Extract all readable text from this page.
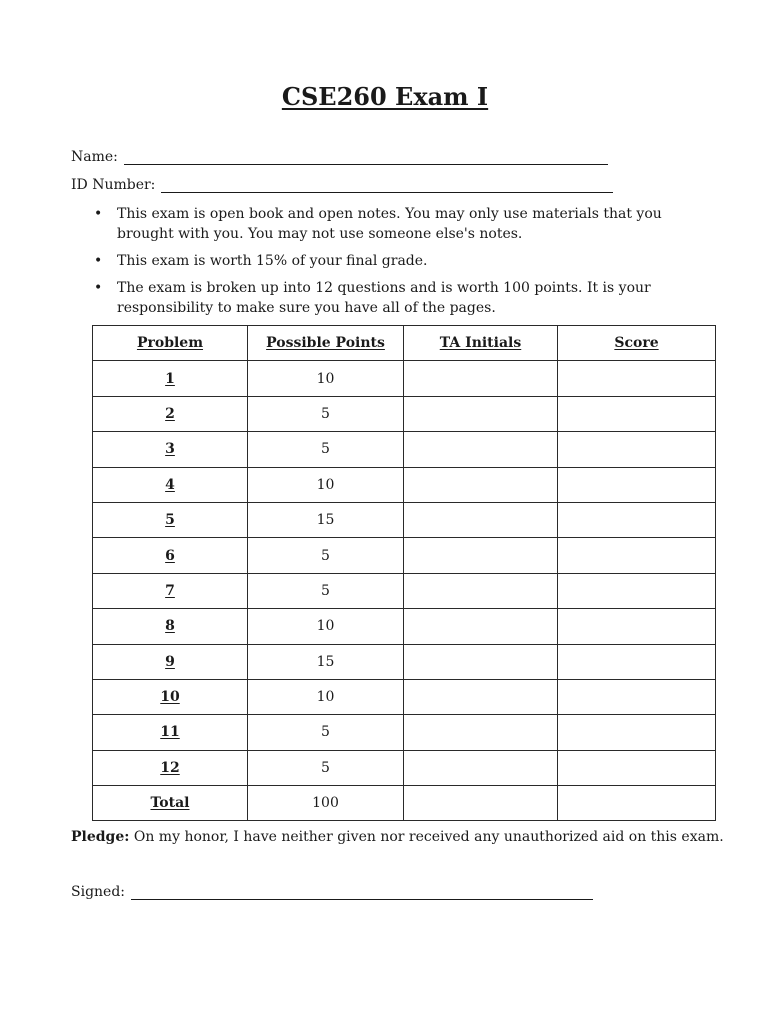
CSE260 Exam I
Name:
ID Number:
• This exam is open book and open notes. You may only use materials that you brought with you. You may not use someone else's notes.
• This exam is worth 15% of your final grade.
• The exam is broken up into 12 questions and is worth 100 points. It is your responsibility to make sure you have all of the pages.
Problem	Possible Points	TA Initials	Score
1	10		
2	5		
3	5		
4	10		
5	15		
6	5		
7	5		
8	10		
9	15		
10	10		
11	5		
12	5		
Total	100		
Pledge: On my honor, I have neither given nor received any unauthorized aid on this exam.
Signed:
